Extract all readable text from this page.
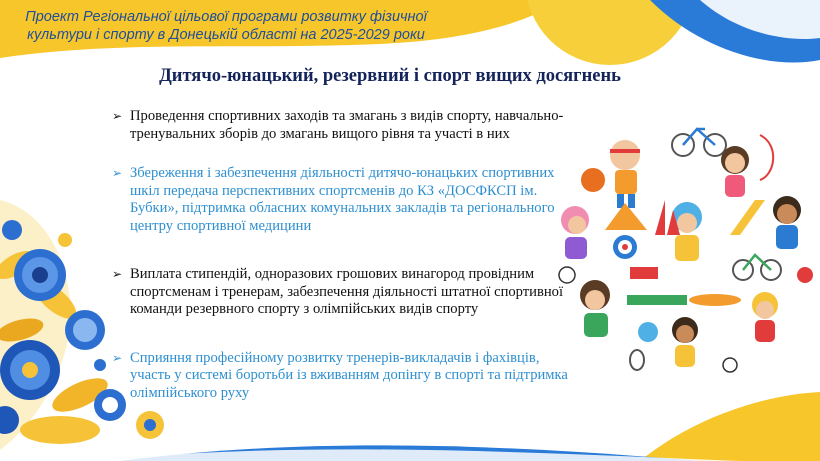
Проект Регіональної цільової програми розвитку фізичної
культури і спорту в Донецькій області на 2025-2029 роки
Дитячо-юнацький, резервний і спорт вищих досягнень
➢ Проведення спортивних заходів та змагань з видів спорту, навчально-тренувальних зборів до змагань вищого рівня та участі в них
➢ Збереження і забезпечення діяльності дитячо-юнацьких спортивних шкіл передача перспективних спортсменів до КЗ «ДОСФКСП ім. Бубки», підтримка обласних комунальних закладів та регіонального центру спортивної медицини
➢ Виплата стипендій, одноразових грошових винагород провідним спортсменам і тренерам, забезпечення діяльності штатної спортивної команди резервного спорту з олімпійських видів спорту
➢ Сприяння професійному розвитку тренерів-викладачів і фахівців, участь у системі боротьби із вживанням допінгу в спорті та підтримка олімпійського руху
